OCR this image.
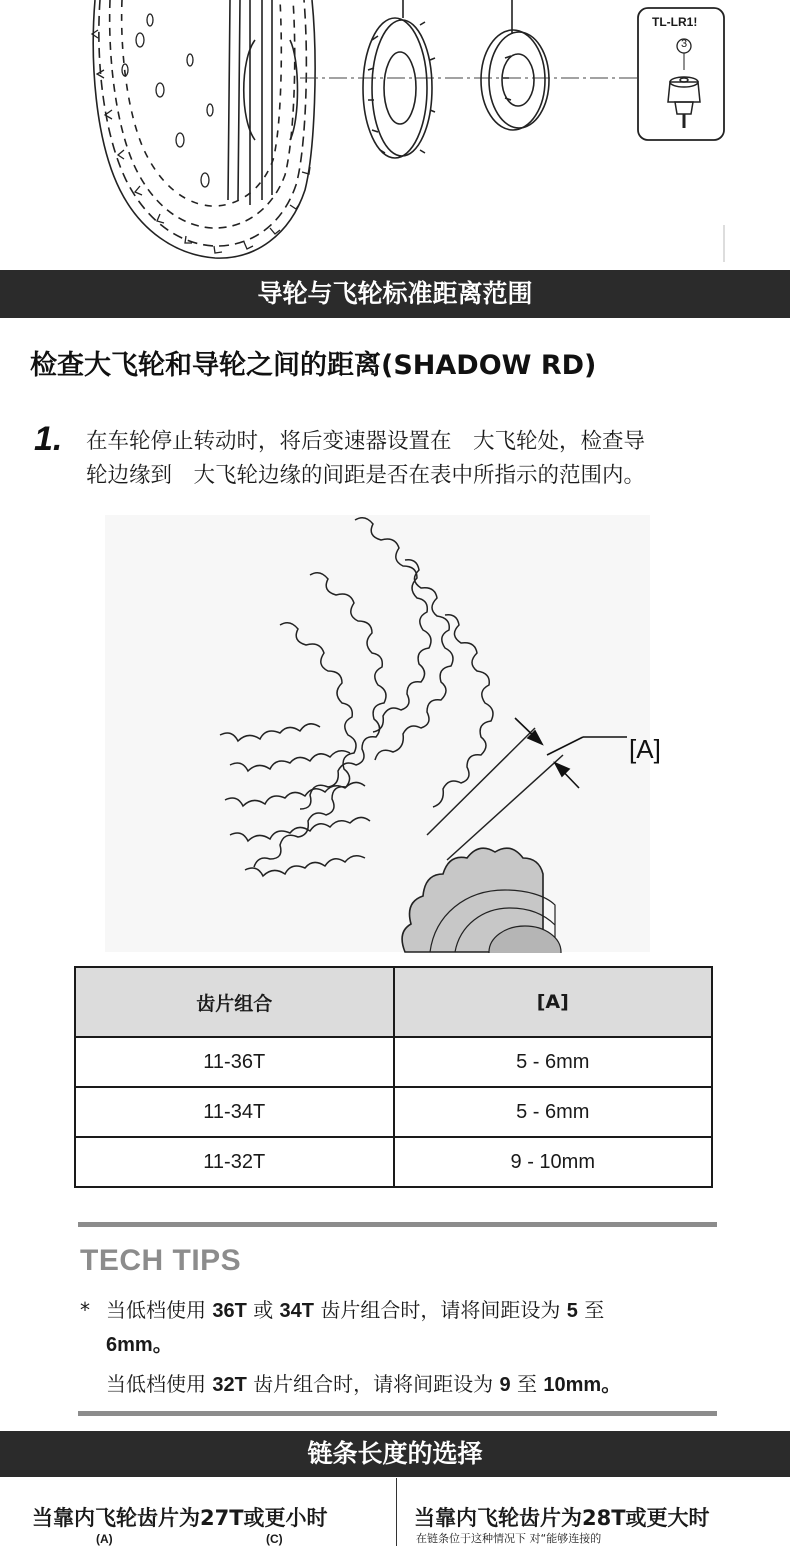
TL-LR1!
3
导轮与飞轮标准距离范围
检查大飞轮和导轮之间的距离(SHADOW RD)
1. 在车轮停止转动时，将后变速器设置在　大飞轮处，检查导
轮边缘到　大飞轮边缘的间距是否在表中所指示的范围内。
[A]
齿片组合	[A]
11-36T	5 - 6mm
11-34T	5 - 6mm
11-32T	9 - 10mm
TECH TIPS
* 当低档使用 36T 或 34T 齿片组合时，请将间距设为 5 至
6mm。
当低档使用 32T 齿片组合时，请将间距设为 9 至 10mm。
链条长度的选择
当靠内飞轮齿片为27T或更小时	当靠内飞轮齿片为28T或更大时
(A)	(C)	在链条位于这种情况下 对“能够连接的
